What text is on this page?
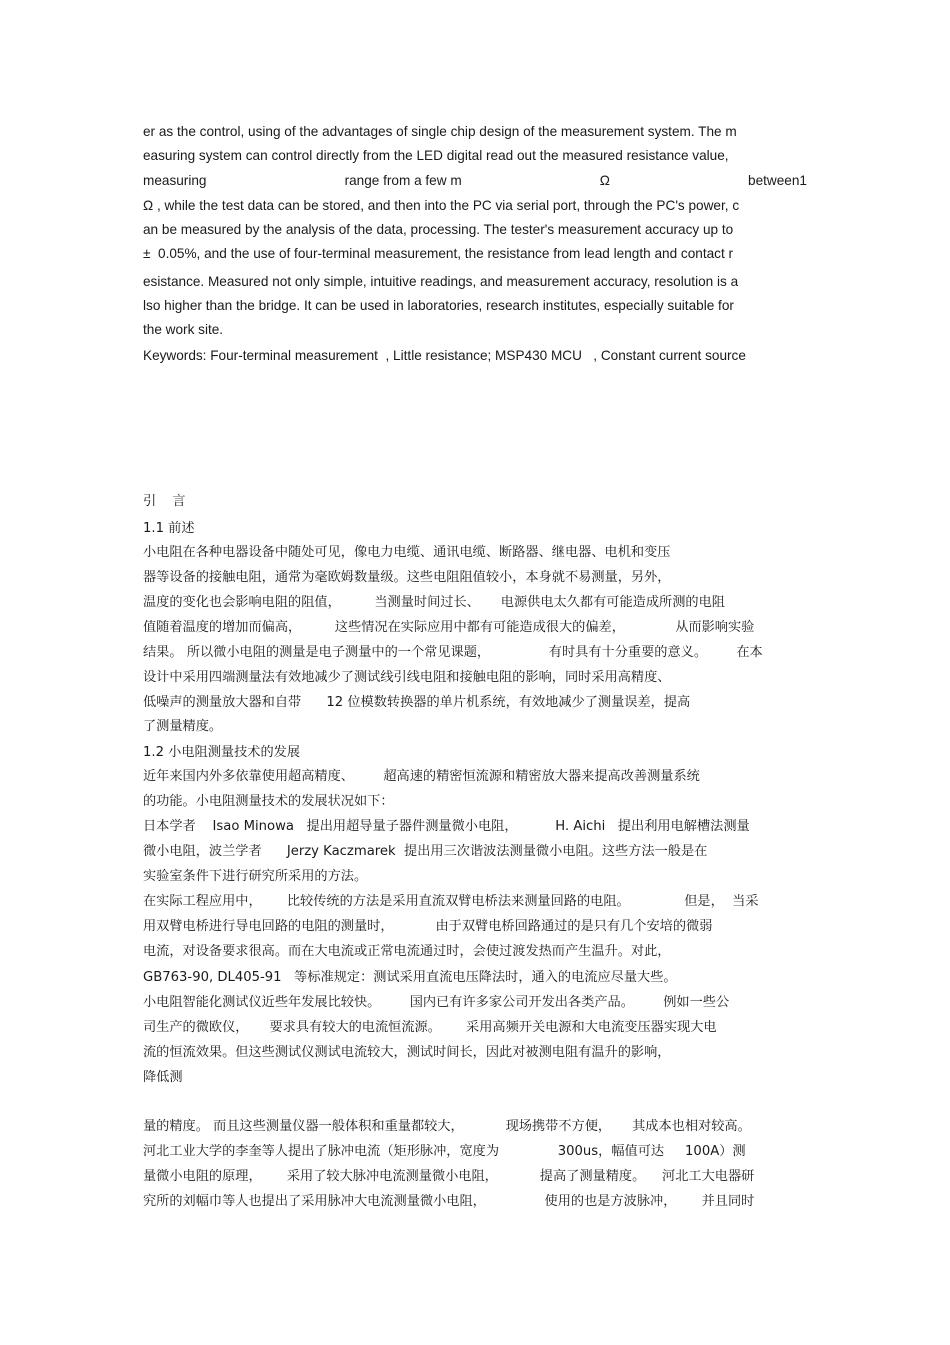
er as the control, using of the advantages of single chip design of the measurement system. The m
easuring system can control directly from the LED digital read out the measured resistance value,
measuring	range from a few m	Ω	between1
Ω , while the test data can be stored, and then into the PC via serial port, through the PC's power, c
an be measured by the analysis of the data, processing. The tester's measurement accuracy up to
±  0.05%, and the use of four-terminal measurement, the resistance from lead length and contact r
esistance. Measured not only simple, intuitive readings, and measurement accuracy, resolution is a
lso higher than the bridge. It can be used in laboratories, research institutes, especially suitable for
the work site.
Keywords: Four-terminal measurement  , Little resistance; MSP430 MCU   , Constant current source
引 言
1.1 前述
小电阻在各种电器设备中随处可见，像电力电缆、通讯电缆、断路器、继电器、电机和变压
器等设备的接触电阻，通常为毫欧姆数量级。这些电阻阻值较小，本身就不易测量，另外，
温度的变化也会影响电阻的阻值，        当测量时间过长、     电源供电太久都有可能造成所测的电阻
值随着温度的增加而偏高，        这些情况在实际应用中都有可能造成很大的偏差，            从而影响实验
结果。 所以微小电阻的测量是电子测量中的一个常见课题，              有时具有十分重要的意义。       在本
设计中采用四端测量法有效地减少了测试线引线电阻和接触电阻的影响，同时采用高精度、
低噪声的测量放大器和自带      12 位模数转换器的单片机系统，有效地减少了测量误差，提高
了测量精度。
1.2 小电阻测量技术的发展
近年来国内外多依靠使用超高精度、       超高速的精密恒流源和精密放大器来提高改善测量系统
的功能。小电阻测量技术的发展状况如下：
日本学者    Isao Minowa   提出用超导量子器件测量微小电阻，         H. Aichi   提出利用电解槽法测量
微小电阻，波兰学者      Jerzy Kaczmarek  提出用三次谐波法测量微小电阻。这些方法一般是在
实验室条件下进行研究所采用的方法。
在实际工程应用中，      比较传统的方法是采用直流双臂电桥法来测量回路的电阻。             但是，  当采
用双臂电桥进行导电回路的电阻的测量时，          由于双臂电桥回路通过的是只有几个安培的微弱
电流，对设备要求很高。而在大电流或正常电流通过时，会使过渡发热而产生温升。对此，
GB763-90, DL405-91   等标准规定：测试采用直流电压降法时，通入的电流应尽量大些。
小电阻智能化测试仪近些年发展比较快。       国内已有许多家公司开发出各类产品。       例如一些公
司生产的微欧仪，     要求具有较大的电流恒流源。      采用高频开关电源和大电流变压器实现大电
流的恒流效果。但这些测试仪测试电流较大，测试时间长，因此对被测电阻有温升的影响，
降低测
量的精度。 而且这些测量仪器一般体积和重量都较大，          现场携带不方便，     其成本也相对较高。
河北工业大学的李奎等人提出了脉冲电流（矩形脉冲，宽度为              300us，幅值可达     100A）测
量微小电阻的原理，      采用了较大脉冲电流测量微小电阻，          提高了测量精度。    河北工大电器研
究所的刘幅巾等人也提出了采用脉冲大电流测量微小电阻，              使用的也是方波脉冲，      并且同时
